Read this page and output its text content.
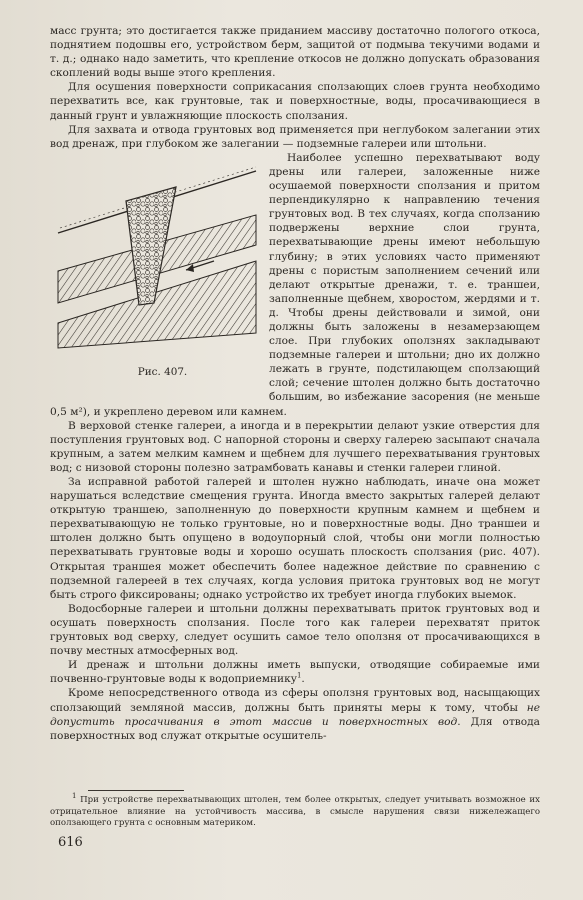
масс грунта; это достигается также приданием массиву достаточно пологого откоса, поднятием подошвы его, устройством берм, защитой от подмыва текучими водами и т. д.; однако надо заметить, что крепление откосов не должно допускать образования скоплений воды выше этого крепления.

Для осушения поверхности соприкасания сползающих слоев грунта необходимо перехватить все, как грунтовые, так и поверхностные, воды, просачивающиеся в данный грунт и увлажняющие плоскость сползания.

Для захвата и отвода грунтовых вод применяется при неглубоком залегании этих вод дренаж, при глубоком же залегании — подземные галереи или штольни.

Рис. 407.
Наиболее успешно перехватывают воду дрены или галереи, заложенные ниже осушаемой поверхности сползания и притом перпендикулярно к направлению течения грунтовых вод. В тех случаях, когда сползанию подвержены верхние слои грунта, перехватывающие дрены имеют небольшую глубину; в этих условиях часто применяют дрены с пористым заполнением сечений или делают открытые дренажи, т. е. траншеи, заполненные щебнем, хворостом, жердями и т. д. Чтобы дрены действовали и зимой, они должны быть заложены в незамерзающем слое. При глубоких оползнях закладывают подземные галереи и штольни; дно их должно лежать в грунте, подстилающем сползающий слой; сечение штолен должно быть достаточно большим, во избежание засорения (не меньше 0,5 м²), и укреплено деревом или камнем.

В верховой стенке галереи, а иногда и в перекрытии делают узкие отверстия для поступления грунтовых вод. С напорной стороны и сверху галерею засыпают сначала крупным, а затем мелким камнем и щебнем для лучшего перехватывания грунтовых вод; с низовой стороны полезно затрамбовать канавы и стенки галереи глиной.

За исправной работой галерей и штолен нужно наблюдать, иначе она может нарушаться вследствие смещения грунта. Иногда вместо закрытых галерей делают открытую траншею, заполненную до поверхности крупным камнем и щебнем и перехватывающую не только грунтовые, но и поверхностные воды. Дно траншеи и штолен должно быть опущено в водоупорный слой, чтобы они могли полностью перехватывать грунтовые воды и хорошо осушать плоскость сползания (рис. 407). Открытая траншея может обеспечить более надежное действие по сравнению с подземной галереей в тех случаях, когда условия притока грунтовых вод не могут быть строго фиксированы; однако устройство их требует иногда глубоких выемок.

Водосборные галереи и штольни должны перехватывать приток грунтовых вод и осушать поверхность сползания. После того как галереи перехватят приток грунтовых вод сверху, следует осушить самое тело оползня от просачивающихся в почву местных атмосферных вод.

И дренаж и штольни должны иметь выпуски, отводящие собираемые ими почвенно-грунтовые воды к водоприемнику$^1$.

Кроме непосредственного отвода из сферы оползня грунтовых вод, насыщающих сползающий земляной массив, должны быть приняты меры к тому, чтобы не допустить просачивания в этот массив и поверхностных вод. Для отвода поверхностных вод служат открытые осушитель-

$^1$ При устройстве перехватывающих штолен, тем более открытых, следует учитывать возможное их отрицательное влияние на устойчивость массива, в смысле нарушения связи нижележащего оползающего грунта с основным материком.

616
